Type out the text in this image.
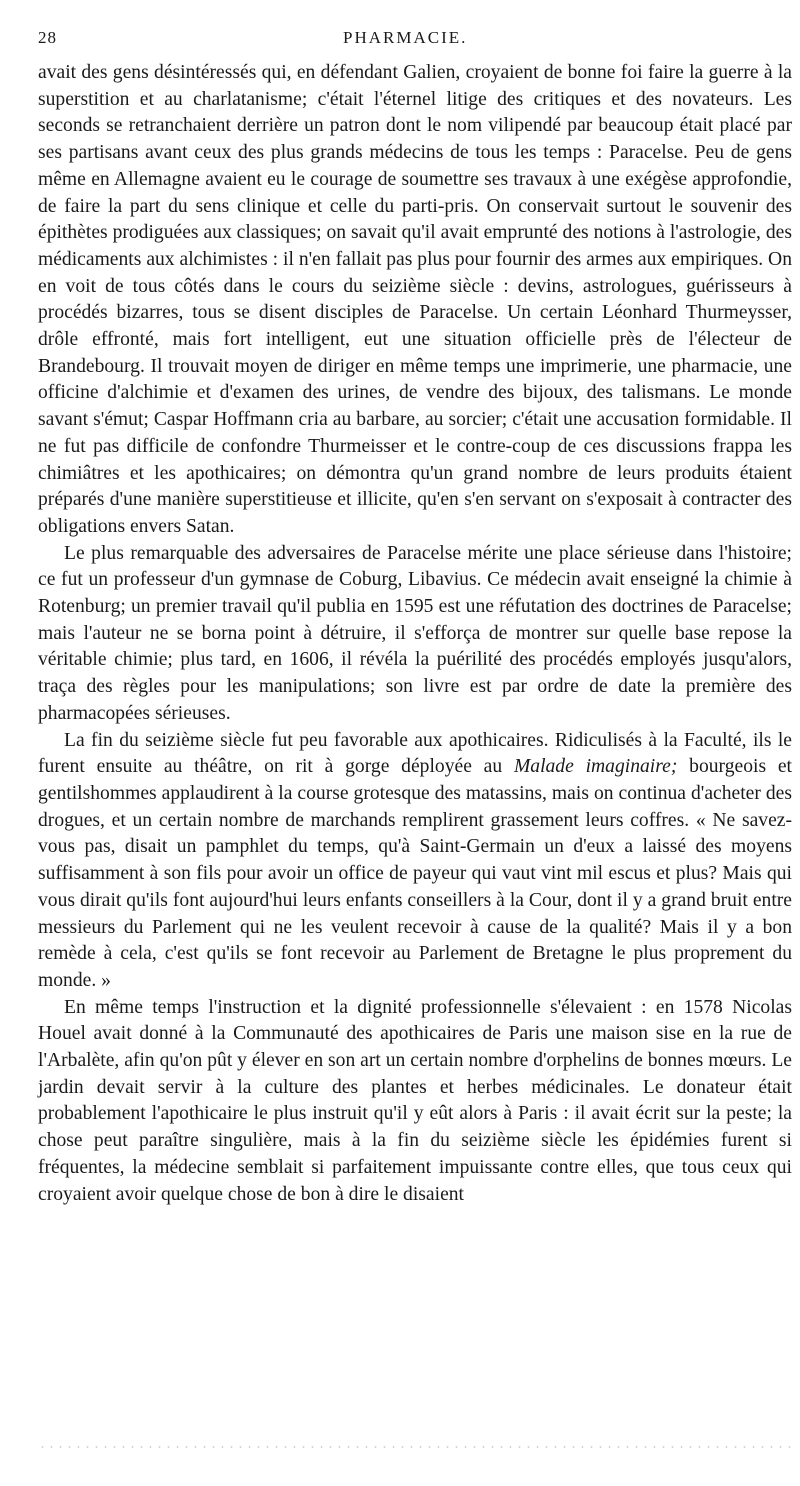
28	PHARMACIE.

avait des gens désintéressés qui, en défendant Galien, croyaient de bonne foi faire la guerre à la superstition et au charlatanisme; c'était l'éternel litige des critiques et des novateurs. Les seconds se retranchaient derrière un patron dont le nom vilipendé par beaucoup était placé par ses partisans avant ceux des plus grands médecins de tous les temps : Paracelse. Peu de gens même en Allemagne avaient eu le courage de soumettre ses travaux à une exégèse approfondie, de faire la part du sens clinique et celle du parti-pris. On conservait surtout le souvenir des épithètes prodiguées aux classiques; on savait qu'il avait emprunté des notions à l'astrologie, des médicaments aux alchimistes : il n'en fallait pas plus pour fournir des armes aux empiriques. On en voit de tous côtés dans le cours du seizième siècle : devins, astrologues, guérisseurs à procédés bizarres, tous se disent disciples de Paracelse. Un certain Léonhard Thurmeysser, drôle effronté, mais fort intelligent, eut une situation officielle près de l'électeur de Brandebourg. Il trouvait moyen de diriger en même temps une imprimerie, une pharmacie, une officine d'alchimie et d'examen des urines, de vendre des bijoux, des talismans. Le monde savant s'émut; Caspar Hoffmann cria au barbare, au sorcier; c'était une accusation formidable. Il ne fut pas difficile de confondre Thurmeisser et le contre-coup de ces discussions frappa les chimiâtres et les apothicaires; on démontra qu'un grand nombre de leurs produits étaient préparés d'une manière superstitieuse et illicite, qu'en s'en servant on s'exposait à contracter des obligations envers Satan.

Le plus remarquable des adversaires de Paracelse mérite une place sérieuse dans l'histoire; ce fut un professeur d'un gymnase de Coburg, Libavius. Ce médecin avait enseigné la chimie à Rotenburg; un premier travail qu'il publia en 1595 est une réfutation des doctrines de Paracelse; mais l'auteur ne se borna point à détruire, il s'efforça de montrer sur quelle base repose la véritable chimie; plus tard, en 1606, il révéla la puérilité des procédés employés jusqu'alors, traça des règles pour les manipulations; son livre est par ordre de date la première des pharmacopées sérieuses.

La fin du seizième siècle fut peu favorable aux apothicaires. Ridiculisés à la Faculté, ils le furent ensuite au théâtre, on rit à gorge déployée au Malade imaginaire; bourgeois et gentilshommes applaudirent à la course grotesque des matassins, mais on continua d'acheter des drogues, et un certain nombre de marchands remplirent grassement leurs coffres. « Ne savez-vous pas, disait un pamphlet du temps, qu'à Saint-Germain un d'eux a laissé des moyens suffisamment à son fils pour avoir un office de payeur qui vaut vint mil escus et plus? Mais qui vous dirait qu'ils font aujourd'hui leurs enfants conseillers à la Cour, dont il y a grand bruit entre messieurs du Parlement qui ne les veulent recevoir à cause de la qualité? Mais il y a bon remède à cela, c'est qu'ils se font recevoir au Parlement de Bretagne le plus proprement du monde. »

En même temps l'instruction et la dignité professionnelle s'élevaient : en 1578 Nicolas Houel avait donné à la Communauté des apothicaires de Paris une maison sise en la rue de l'Arbalète, afin qu'on pût y élever en son art un certain nombre d'orphelins de bonnes mœurs. Le jardin devait servir à la culture des plantes et herbes médicinales. Le donateur était probablement l'apothicaire le plus instruit qu'il y eût alors à Paris : il avait écrit sur la peste; la chose peut paraître singulière, mais à la fin du seizième siècle les épidémies furent si fréquentes, la médecine semblait si parfaitement impuissante contre elles, que tous ceux qui croyaient avoir quelque chose de bon à dire le disaient
